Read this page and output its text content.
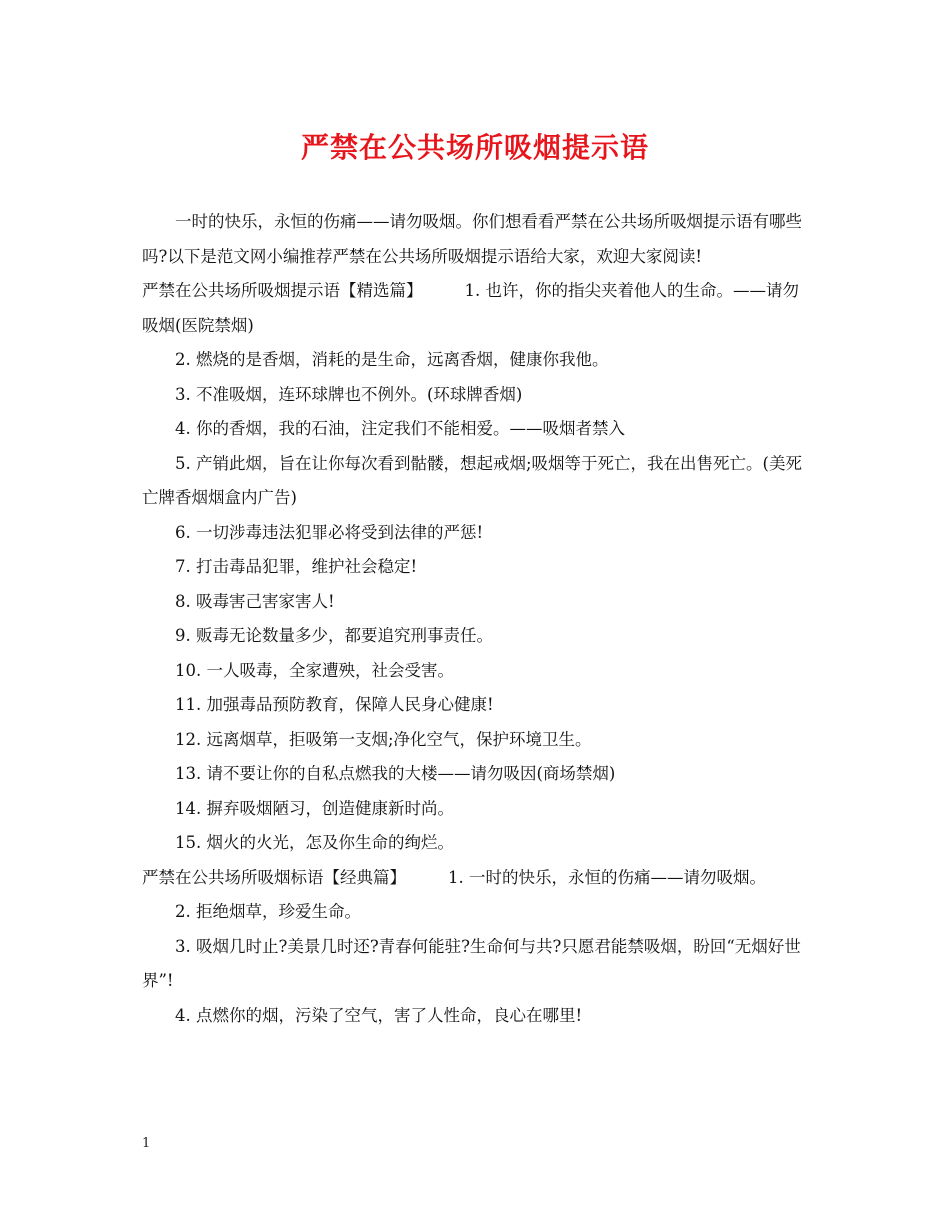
严禁在公共场所吸烟提示语

一时的快乐，永恒的伤痛——请勿吸烟。你们想看看严禁在公共场所吸烟提示语有哪些吗?以下是范文网小编推荐严禁在公共场所吸烟提示语给大家，欢迎大家阅读!

严禁在公共场所吸烟提示语【精选篇】	1. 也许，你的指尖夹着他人的生命。——请勿吸烟(医院禁烟)

2. 燃烧的是香烟，消耗的是生命，远离香烟，健康你我他。

3. 不准吸烟，连环球牌也不例外。(环球牌香烟)

4. 你的香烟，我的石油，注定我们不能相爱。——吸烟者禁入

5. 产销此烟，旨在让你每次看到骷髅，想起戒烟;吸烟等于死亡，我在出售死亡。(美死亡牌香烟烟盒内广告)

6. 一切涉毒违法犯罪必将受到法律的严惩!

7. 打击毒品犯罪，维护社会稳定!

8. 吸毒害己害家害人!

9. 贩毒无论数量多少，都要追究刑事责任。

10. 一人吸毒，全家遭殃，社会受害。

11. 加强毒品预防教育，保障人民身心健康!

12. 远离烟草，拒吸第一支烟;净化空气，保护环境卫生。

13. 请不要让你的自私点燃我的大楼——请勿吸因(商场禁烟)

14. 摒弃吸烟陋习，创造健康新时尚。

15. 烟火的火光，怎及你生命的绚烂。

严禁在公共场所吸烟标语【经典篇】	1. 一时的快乐，永恒的伤痛——请勿吸烟。

2. 拒绝烟草，珍爱生命。

3. 吸烟几时止?美景几时还?青春何能驻?生命何与共?只愿君能禁吸烟，盼回“无烟好世界”!

4. 点燃你的烟，污染了空气，害了人性命，良心在哪里!

1
